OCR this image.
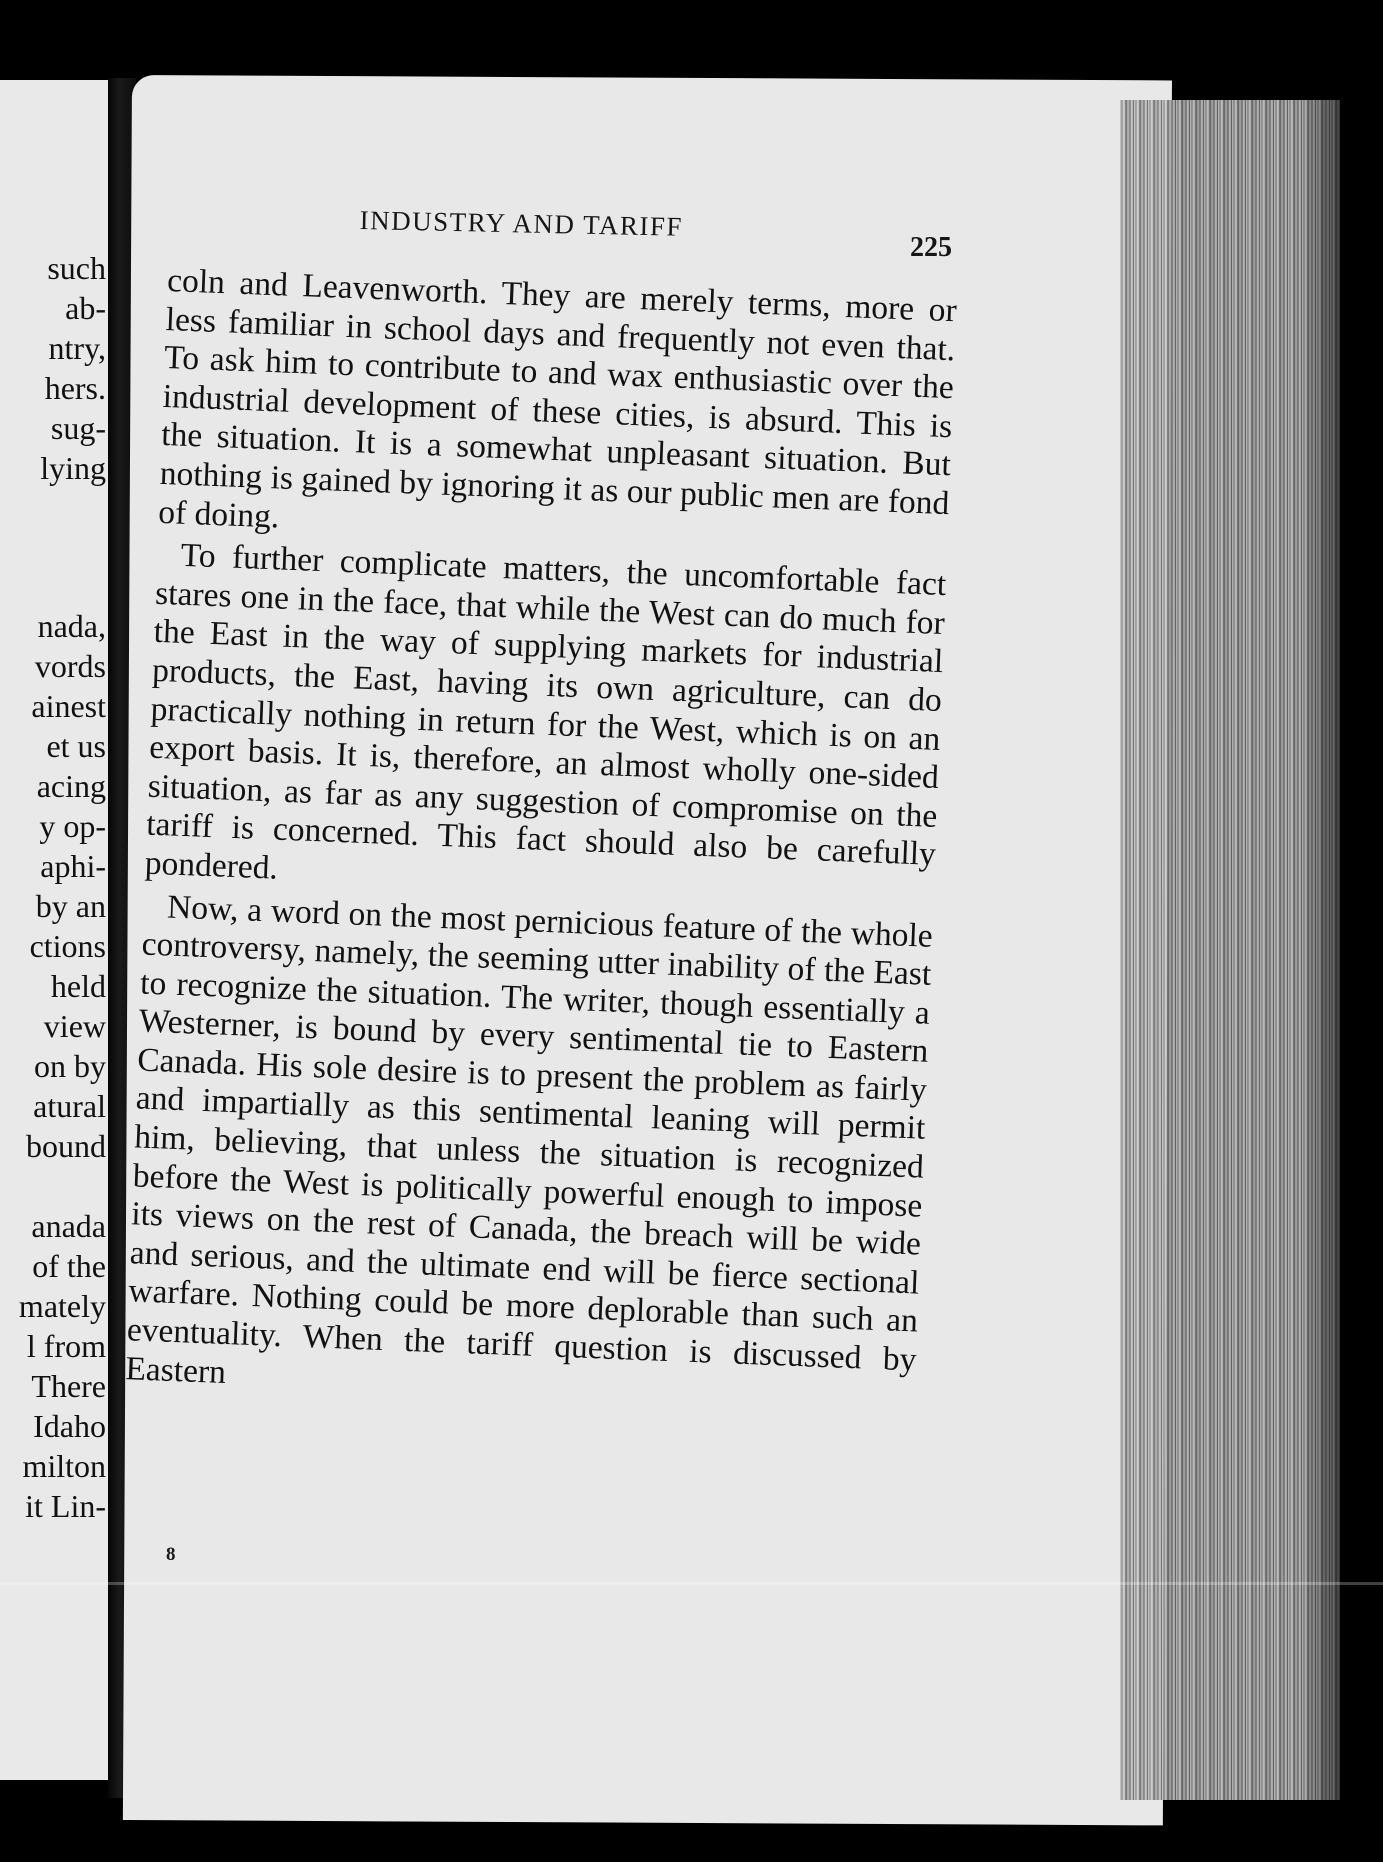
such
ab-
ntry,
hers.
sug-
lying
nada,
vords
ainest
et us
acing
y op-
aphi-
by an
ctions
held
view
on by
atural
bound
anada
of the
mately
l from
There
Idaho
milton
it Lin-
INDUSTRY AND TARIFF
225

coln and Leavenworth. They are merely terms, more or less familiar in school days and frequently not even that. To ask him to contribute to and wax enthusiastic over the industrial development of these cities, is absurd. This is the situation. It is a somewhat unpleasant situation. But nothing is gained by ignoring it as our public men are fond of doing.

To further complicate matters, the uncomfortable fact stares one in the face, that while the West can do much for the East in the way of supplying markets for industrial products, the East, having its own agriculture, can do practically nothing in return for the West, which is on an export basis. It is, therefore, an almost wholly one-sided situation, as far as any suggestion of compromise on the tariff is concerned. This fact should also be carefully pondered.

Now, a word on the most pernicious feature of the whole controversy, namely, the seeming utter inability of the East to recognize the situation. The writer, though essentially a Westerner, is bound by every sentimental tie to Eastern Canada. His sole desire is to present the problem as fairly and impartially as this sentimental leaning will permit him, believing, that unless the situation is recognized before the West is politically powerful enough to impose its views on the rest of Canada, the breach will be wide and serious, and the ultimate end will be fierce sectional warfare. Nothing could be more deplorable than such an eventuality. When the tariff question is discussed by Eastern

8
